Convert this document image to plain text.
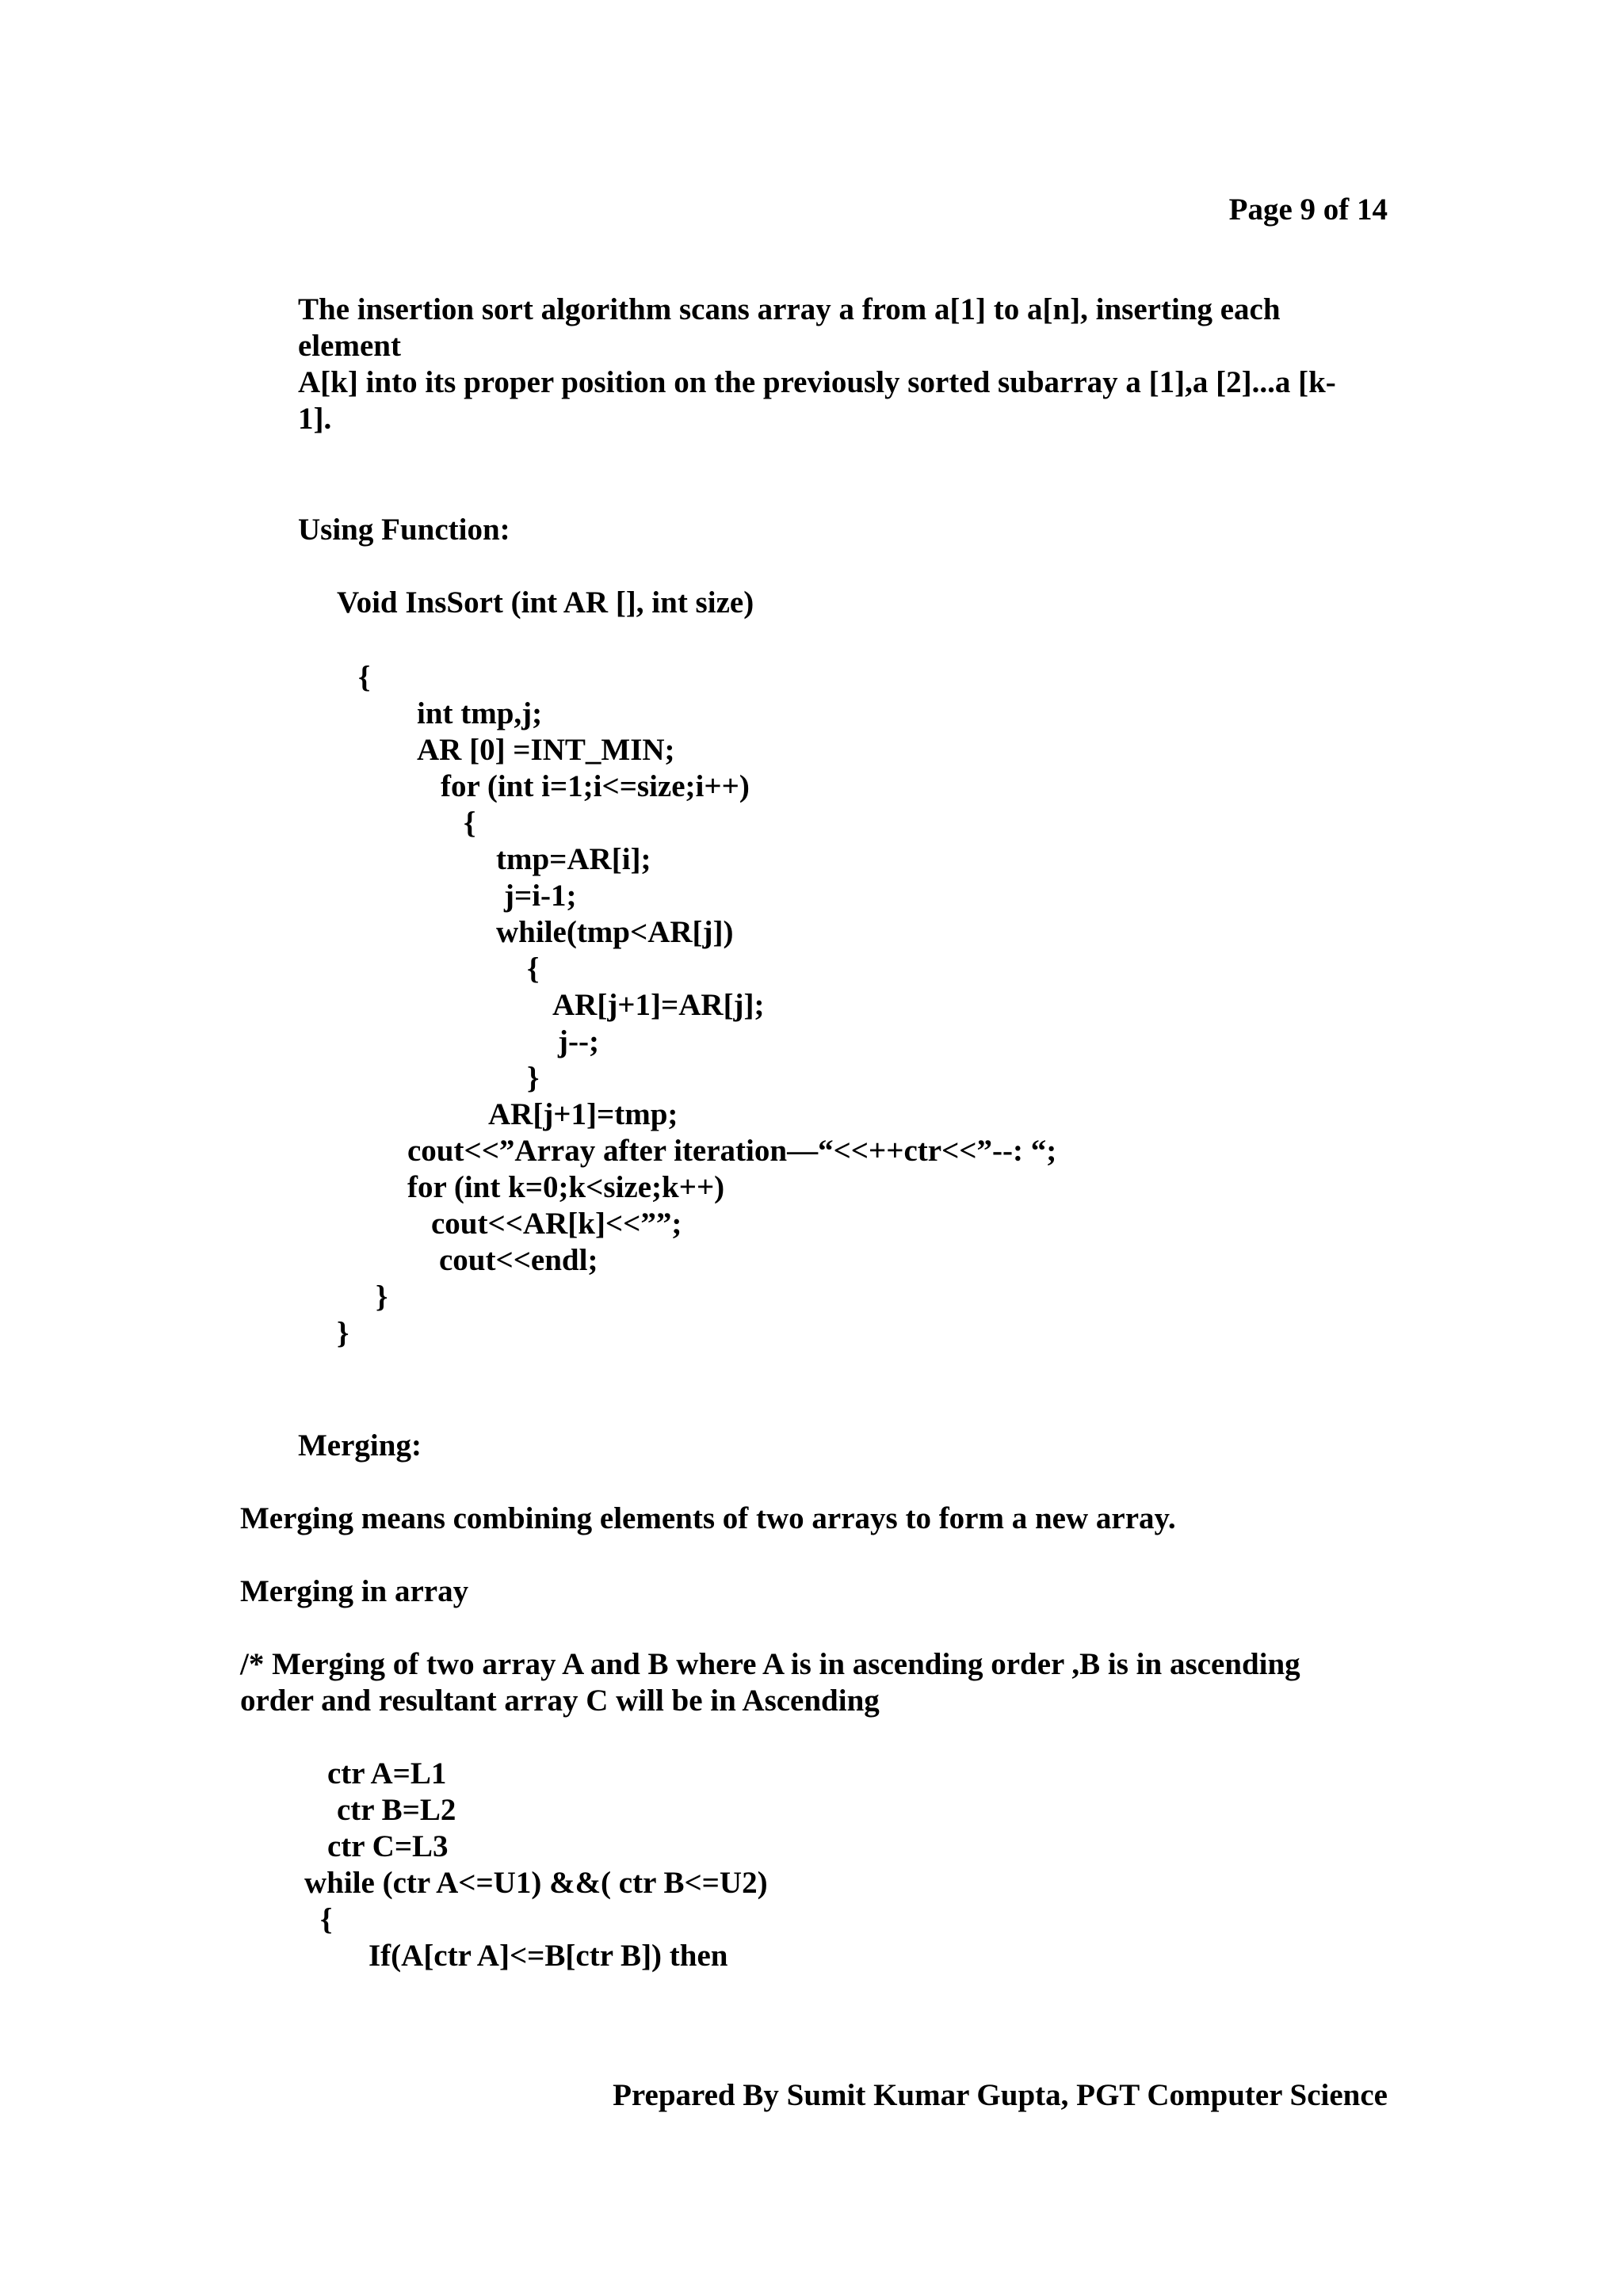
Page 9 of 14
The insertion sort algorithm scans array a from a[1] to a[n], inserting each
element
A[k] into its proper position on the previously sorted subarray a [1],a [2]...a [k-
1].
Using Function:
Void InsSort (int AR [], int size)
{
int tmp,j;
AR [0] =INT_MIN;
for (int i=1;i<=size;i++)
{
tmp=AR[i];
j=i-1;
while(tmp<AR[j])
{
AR[j+1]=AR[j];
j--;
}
AR[j+1]=tmp;
cout<<”Array after iteration—“<<++ctr<<”--: “;
for (int k=0;k<size;k++)
cout<<AR[k]<<””;
cout<<endl;
}
}
Merging:
Merging means combining elements of two arrays to form a new array.
Merging in array
/* Merging of two array A and B where A is in ascending order ,B is in ascending
order and resultant array C will be in Ascending
ctr A=L1
ctr B=L2
ctr C=L3
while (ctr A<=U1) &&( ctr B<=U2)
{
If(A[ctr A]<=B[ctr B]) then
Prepared By Sumit Kumar Gupta, PGT Computer Science
